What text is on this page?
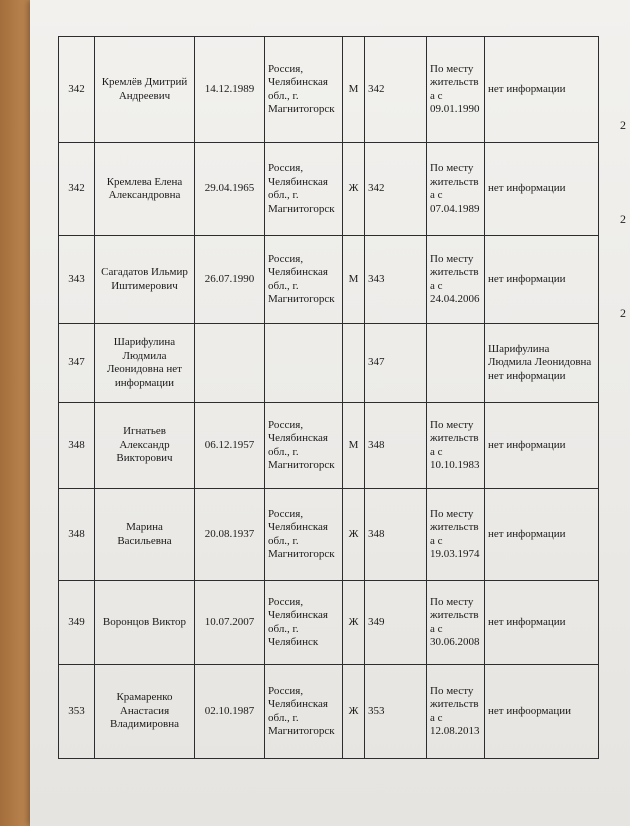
342	Кремлёв Дмитрий Андреевич	14.12.1989	Россия, Челябинская обл., г. Магнитогорск	М	342	По месту жительства с 09.01.1990	нет информации
342	Кремлева Елена Александровна	29.04.1965	Россия, Челябинская обл., г. Магнитогорск	Ж	342	По месту жительства с 07.04.1989	нет информации
343	Сагадатов Ильмир Иштимерович	26.07.1990	Россия, Челябинская обл., г. Магнитогорск	М	343	По месту жительства с 24.04.2006	нет информации
347	Шарифулина Людмила Леонидовна нет информации				347		Шарифулина Людмила Леонидовна нет информации
348	Игнатьев Александр Викторович	06.12.1957	Россия, Челябинская обл., г. Магнитогорск	М	348	По месту жительства с 10.10.1983	нет информации
348	Марина Васильевна	20.08.1937	Россия, Челябинская обл., г. Магнитогорск	Ж	348	По месту жительства с 19.03.1974	нет информации
349	Воронцов Виктор	10.07.2007	Россия, Челябинская обл., г. Челябинск	Ж	349	По месту жительства с 30.06.2008	нет информации
353	Крамаренко Анастасия Владимировна	02.10.1987	Россия, Челябинская обл., г. Магнитогорск	Ж	353	По месту жительства с 12.08.2013	нет инфоормации
2
2
2
